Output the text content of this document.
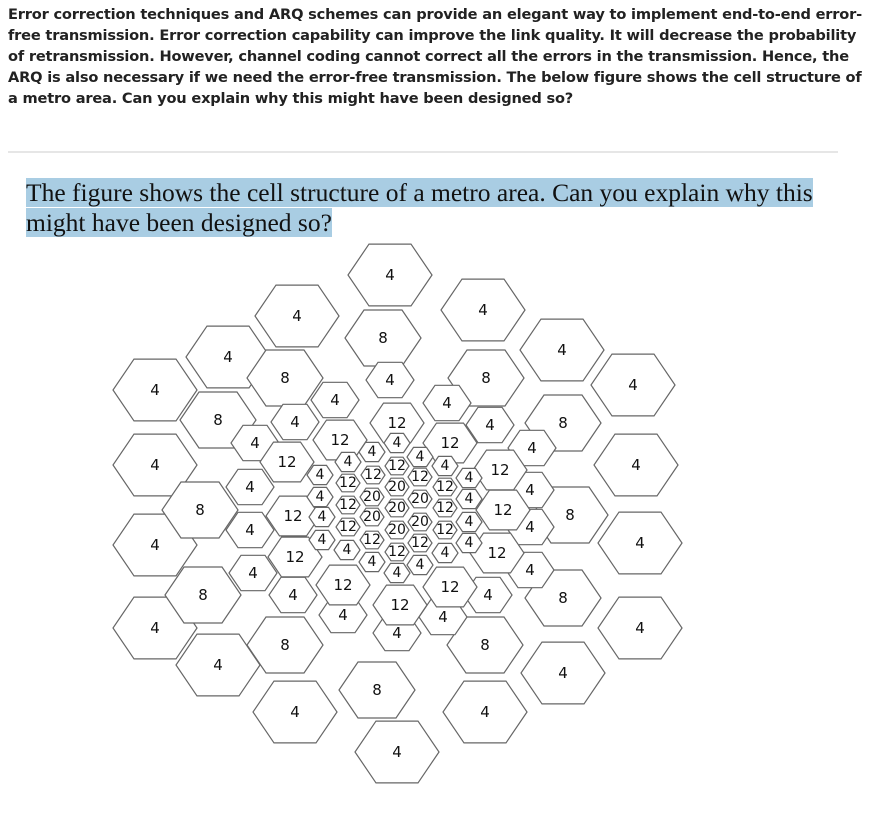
Error correction techniques and ARQ schemes can provide an elegant way to implement end-to-end error-free transmission. Error correction capability can improve the link quality. It will decrease the probability of retransmission. However, channel coding cannot correct all the errors in the transmission. Hence, the ARQ is also necessary if we need the error-free transmission. The below figure shows the cell structure of a metro area. Can you explain why this might have been designed so?
The figure shows the cell structure of a metro area. Can you explain why this might have been designed so?
4
4	4
4	4
4	4
4	4
4	4
4	4
4	4
4	4
4
8
8	8
8	8
8	8
8	8
8	8
8
4
4	4
4	4
4	4
4	4
4	4
4	4
4	4
4	4
4
12
12	12
12	12
12	12
12	12
12	12
12
4
4	4
4	4
4	4
4	4
4	4
4	4
4	4
4	4
4
12
12
12
12	12
12	12
12	12
12 12
12
20
20 20
20
20 20
20
